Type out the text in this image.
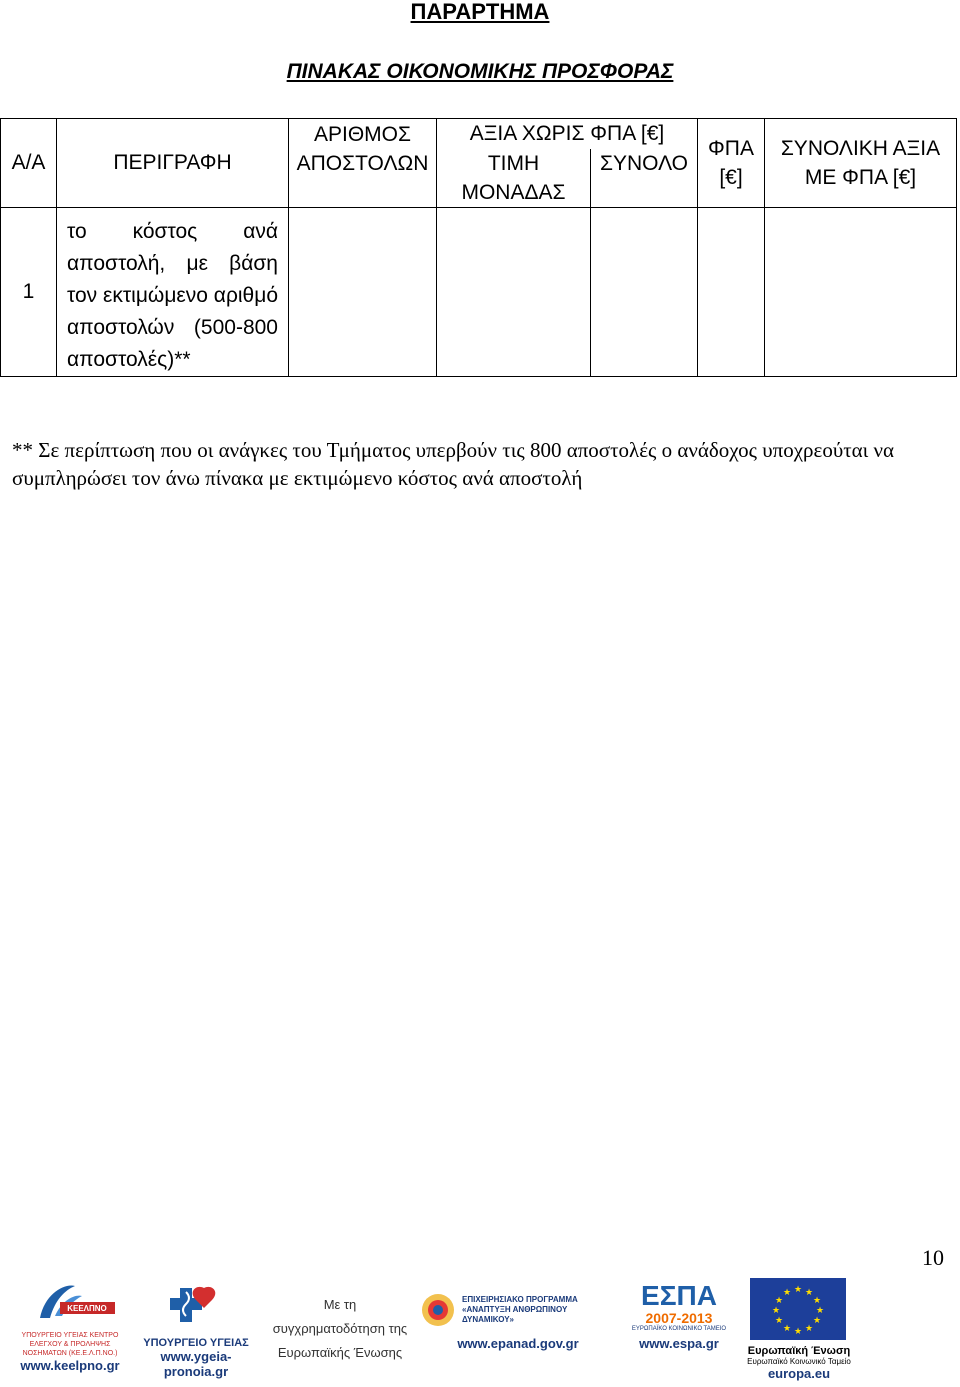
ΠΑΡΑΡΤΗΜΑ
ΠΙΝΑΚΑΣ ΟΙΚΟΝΟΜΙΚΗΣ ΠΡΟΣΦΟΡΑΣ
Α/Α	ΠΕΡΙΓΡΑΦΗ	ΑΡΙΘΜΟΣ ΑΠΟΣΤΟΛΩΝ	ΑΞΙΑ ΧΩΡΙΣ ΦΠΑ [€]		ΦΠΑ [€]	ΣΥΝΟΛΙΚΗ ΑΞΙΑ ΜΕ ΦΠΑ [€]
			ΤΙΜΗ ΜΟΝΑΔΑΣ	ΣΥΝΟΛΟ		
1	το κόστος ανά αποστολή, με βάση τον εκτιμώμενο αριθμό αποστολών (500-800 αποστολές)**					

** Σε περίπτωση που οι ανάγκες του Τμήματος υπερβούν τις 800 αποστολές ο ανάδοχος υποχρεούται να συμπληρώσει τον άνω πίνακα με εκτιμώμενο κόστος ανά αποστολή
10
ΚΕΕΛΠΝΟ
ΥΠΟΥΡΓΕΙΟ ΥΓΕΙΑΣ ΚΕΝΤΡΟ ΕΛΕΓΧΟΥ & ΠΡΟΛΗΨΗΣ ΝΟΣΗΜΑΤΩΝ (ΚΕ.Ε.Λ.Π.ΝΟ.)
www.keelpno.gr
ΥΠΟΥΡΓΕΙΟ ΥΓΕΙΑΣ
www.ygeia-pronoia.gr
Με τη
συγχρηματοδότηση της
Ευρωπαϊκής Ένωσης
ΕΠΙΧΕΙΡΗΣΙΑΚΟ ΠΡΟΓΡΑΜΜΑ «ΑΝΑΠΤΥΞΗ ΑΝΘΡΩΠΙΝΟΥ ΔΥΝΑΜΙΚΟΥ»
www.epanad.gov.gr
ΕΣΠΑ
2007-2013
ΕΥΡΩΠΑΪΚΟ ΚΟΙΝΩΝΙΚΟ ΤΑΜΕΙΟ
www.espa.gr
★ ★
★
★
★
★
★
★
★
★
★
★
Ευρωπαϊκή Ένωση
Ευρωπαϊκό Κοινωνικό Ταμείο
europa.eu
